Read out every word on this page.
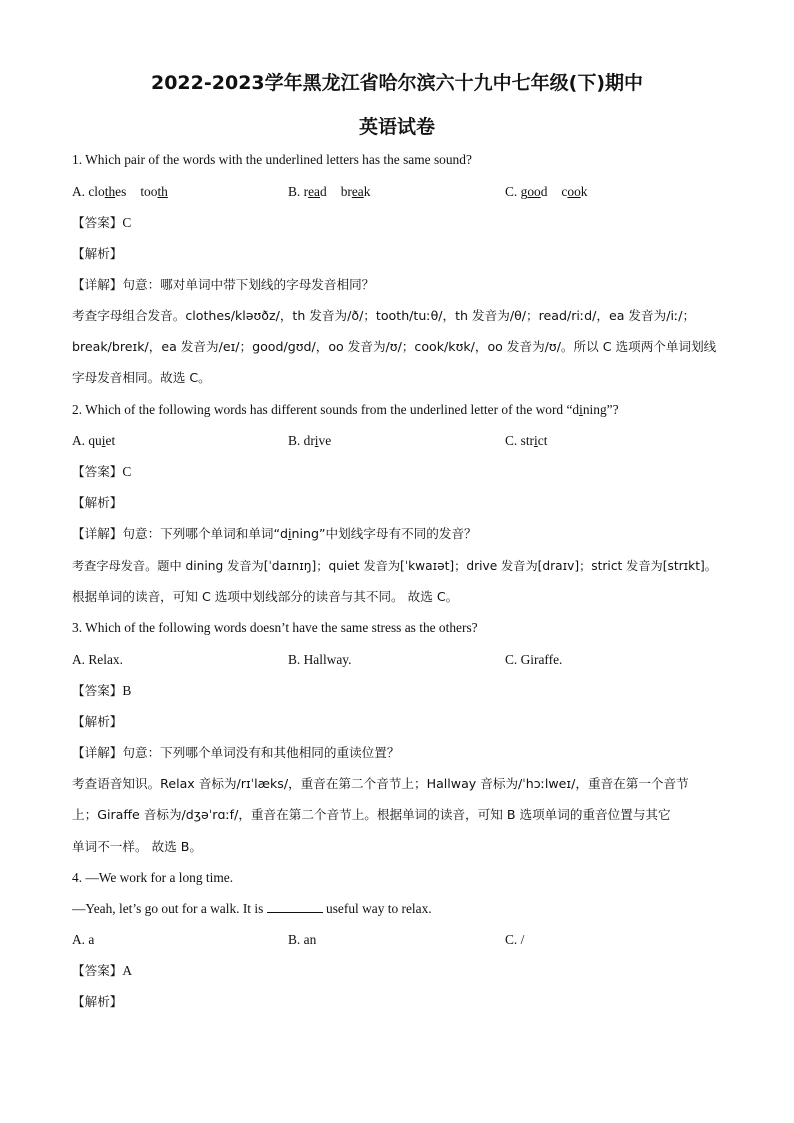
2022-2023学年黑龙江省哈尔滨六十九中七年级(下)期中
英语试卷
1. Which pair of the words with the underlined letters has the same sound?
A. clothes tooth	B. read break	C. good cook
【答案】C
【解析】
【详解】句意：哪对单词中带下划线的字母发音相同？
考查字母组合发音。clothes/kləʊðz/，th 发音为/ð/；tooth/tuːθ/，th 发音为/θ/；read/riːd/，ea 发音为/iː/；
break/breɪk/，ea 发音为/eɪ/；good/gʊd/，oo 发音为/ʊ/；cook/kʊk/，oo 发音为/ʊ/。所以 C 选项两个单词划线
字母发音相同。故选 C。
2. Which of the following words has different sounds from the underlined letter of the word “dining”?
A. quiet	B. drive	C. strict
【答案】C
【解析】
【详解】句意：下列哪个单词和单词“dining”中划线字母有不同的发音？
考查字母发音。题中 dining 发音为[ˈdaɪnɪŋ]；quiet 发音为[ˈkwaɪət]；drive 发音为[draɪv]；strict 发音为[strɪkt]。
根据单词的读音，可知 C 选项中划线部分的读音与其不同。 故选 C。
3. Which of the following words doesn’t have the same stress as the others?
A. Relax.	B. Hallway.	C. Giraffe.
【答案】B
【解析】
【详解】句意：下列哪个单词没有和其他相同的重读位置？
考查语音知识。Relax 音标为/rɪˈlæks/，重音在第二个音节上；Hallway 音标为/ˈhɔːlweɪ/，重音在第一个音节
上；Giraffe 音标为/dʒəˈrɑːf/，重音在第二个音节上。根据单词的读音，可知 B 选项单词的重音位置与其它
单词不一样。 故选 B。
4. —We work for a long time.
—Yeah, let’s go out for a walk. It is	useful way to relax.
A. a	B. an	C. /
【答案】A
【解析】
